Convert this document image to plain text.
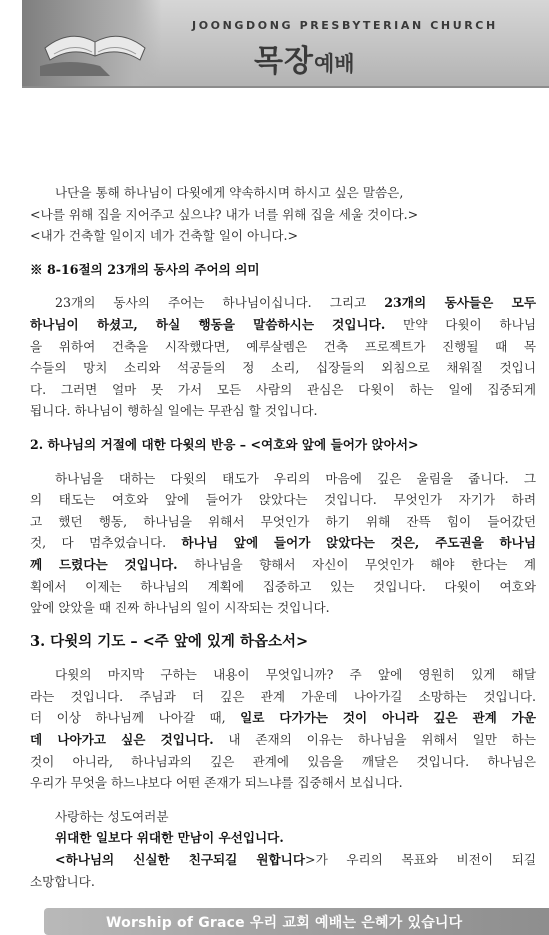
JOONGDONG PRESBYTERIAN CHURCH
목장예배
나단을 통해 하나님이 다윗에게 약속하시며 하시고 싶은 말씀은,
<나를 위해 집을 지어주고 싶으냐? 내가 너를 위해 집을 세울 것이다.>
<내가 건축할 일이지 네가 건축할 일이 아니다.>
※ 8-16절의 23개의 동사의 주어의 의미
23개의 동사의 주어는 하나님이십니다. 그리고 23개의 동사들은 모두
하나님이 하셨고, 하실 행동을 말씀하시는 것입니다. 만약 다윗이 하나님
을 위하여 건축을 시작했다면, 예루살렘은 건축 프로젝트가 진행될 때 목
수들의 망치 소리와 석공들의 정 소리, 십장들의 외침으로 채워질 것입니
다. 그러면 얼마 못 가서 모든 사람의 관심은 다윗이 하는 일에 집중되게
됩니다. 하나님이 행하실 일에는 무관심 할 것입니다.
2. 하나님의 거절에 대한 다윗의 반응 – <여호와 앞에 들어가 앉아서>
하나님을 대하는 다윗의 태도가 우리의 마음에 깊은 울림을 줍니다. 그
의 태도는 여호와 앞에 들어가 앉았다는 것입니다. 무엇인가 자기가 하려
고 했던 행동, 하나님을 위해서 무엇인가 하기 위해 잔뜩 힘이 들어갔던
것, 다 멈추었습니다. 하나님 앞에 들어가 앉았다는 것은, 주도권을 하나님
께 드렸다는 것입니다. 하나님을 향해서 자신이 무엇인가 해야 한다는 계
획에서 이제는 하나님의 계획에 집중하고 있는 것입니다. 다윗이 여호와
앞에 앉았을 때 진짜 하나님의 일이 시작되는 것입니다.
3. 다윗의 기도 – <주 앞에 있게 하옵소서>
다윗의 마지막 구하는 내용이 무엇입니까? 주 앞에 영원히 있게 해달
라는 것입니다. 주님과 더 깊은 관계 가운데 나아가길 소망하는 것입니다.
더 이상 하나님께 나아갈 때, 일로 다가가는 것이 아니라 깊은 관계 가운
데 나아가고 싶은 것입니다. 내 존재의 이유는 하나님을 위해서 일만 하는
것이 아니라, 하나님과의 깊은 관계에 있음을 깨달은 것입니다. 하나님은
우리가 무엇을 하느냐보다 어떤 존재가 되느냐를 집중해서 보십니다.
사랑하는 성도여러분
위대한 일보다 위대한 만남이 우선입니다.
<하나님의 신실한 친구되길 원합니다>가 우리의 목표와 비전이 되길
소망합니다.
Worship of Grace 우리 교회 예배는 은혜가 있습니다
